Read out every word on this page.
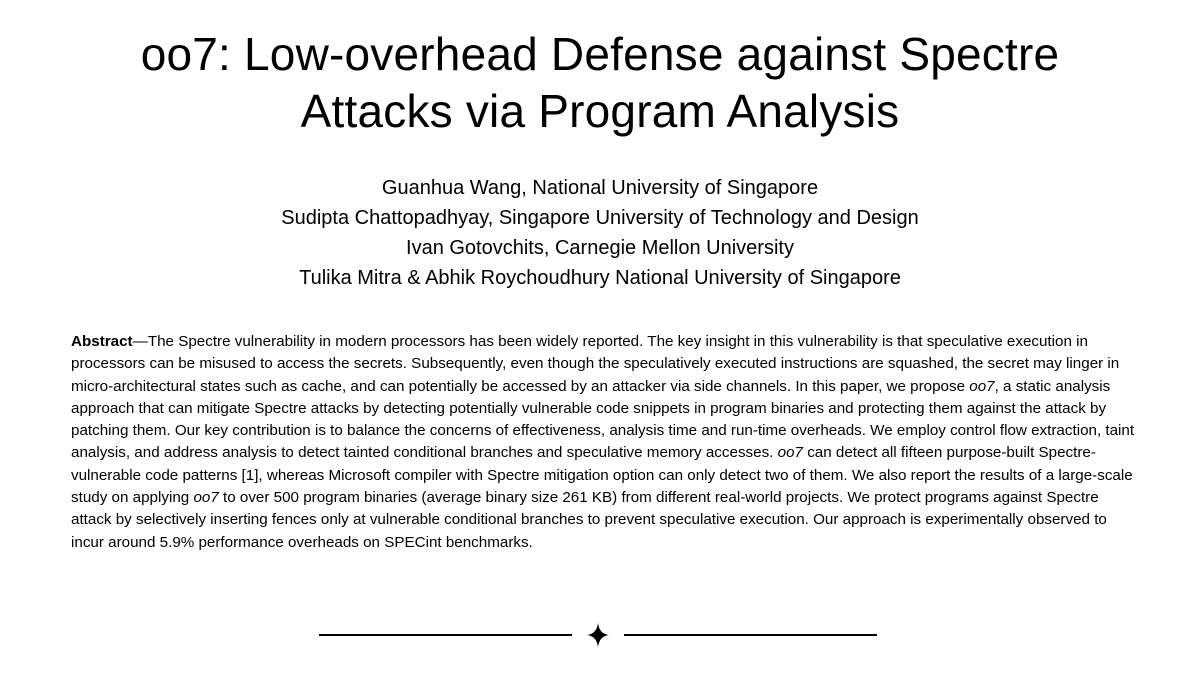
oo7: Low-overhead Defense against Spectre
Attacks via Program Analysis
Guanhua Wang, National University of Singapore
Sudipta Chattopadhyay, Singapore University of Technology and Design
Ivan Gotovchits, Carnegie Mellon University
Tulika Mitra & Abhik Roychoudhury National University of Singapore

Abstract—The Spectre vulnerability in modern processors has been widely reported. The key insight in this vulnerability is that speculative execution in processors can be misused to access the secrets. Subsequently, even though the speculatively executed instructions are squashed, the secret may linger in micro-architectural states such as cache, and can potentially be accessed by an attacker via side channels. In this paper, we propose oo7, a static analysis approach that can mitigate Spectre attacks by detecting potentially vulnerable code snippets in program binaries and protecting them against the attack by patching them. Our key contribution is to balance the concerns of effectiveness, analysis time and run-time overheads. We employ control flow extraction, taint analysis, and address analysis to detect tainted conditional branches and speculative memory accesses. oo7 can detect all fifteen purpose-built Spectre-vulnerable code patterns [1], whereas Microsoft compiler with Spectre mitigation option can only detect two of them. We also report the results of a large-scale study on applying oo7 to over 500 program binaries (average binary size 261 KB) from different real-world projects. We protect programs against Spectre attack by selectively inserting fences only at vulnerable conditional branches to prevent speculative execution. Our approach is experimentally observed to incur around 5.9% performance overheads on SPECint benchmarks.
